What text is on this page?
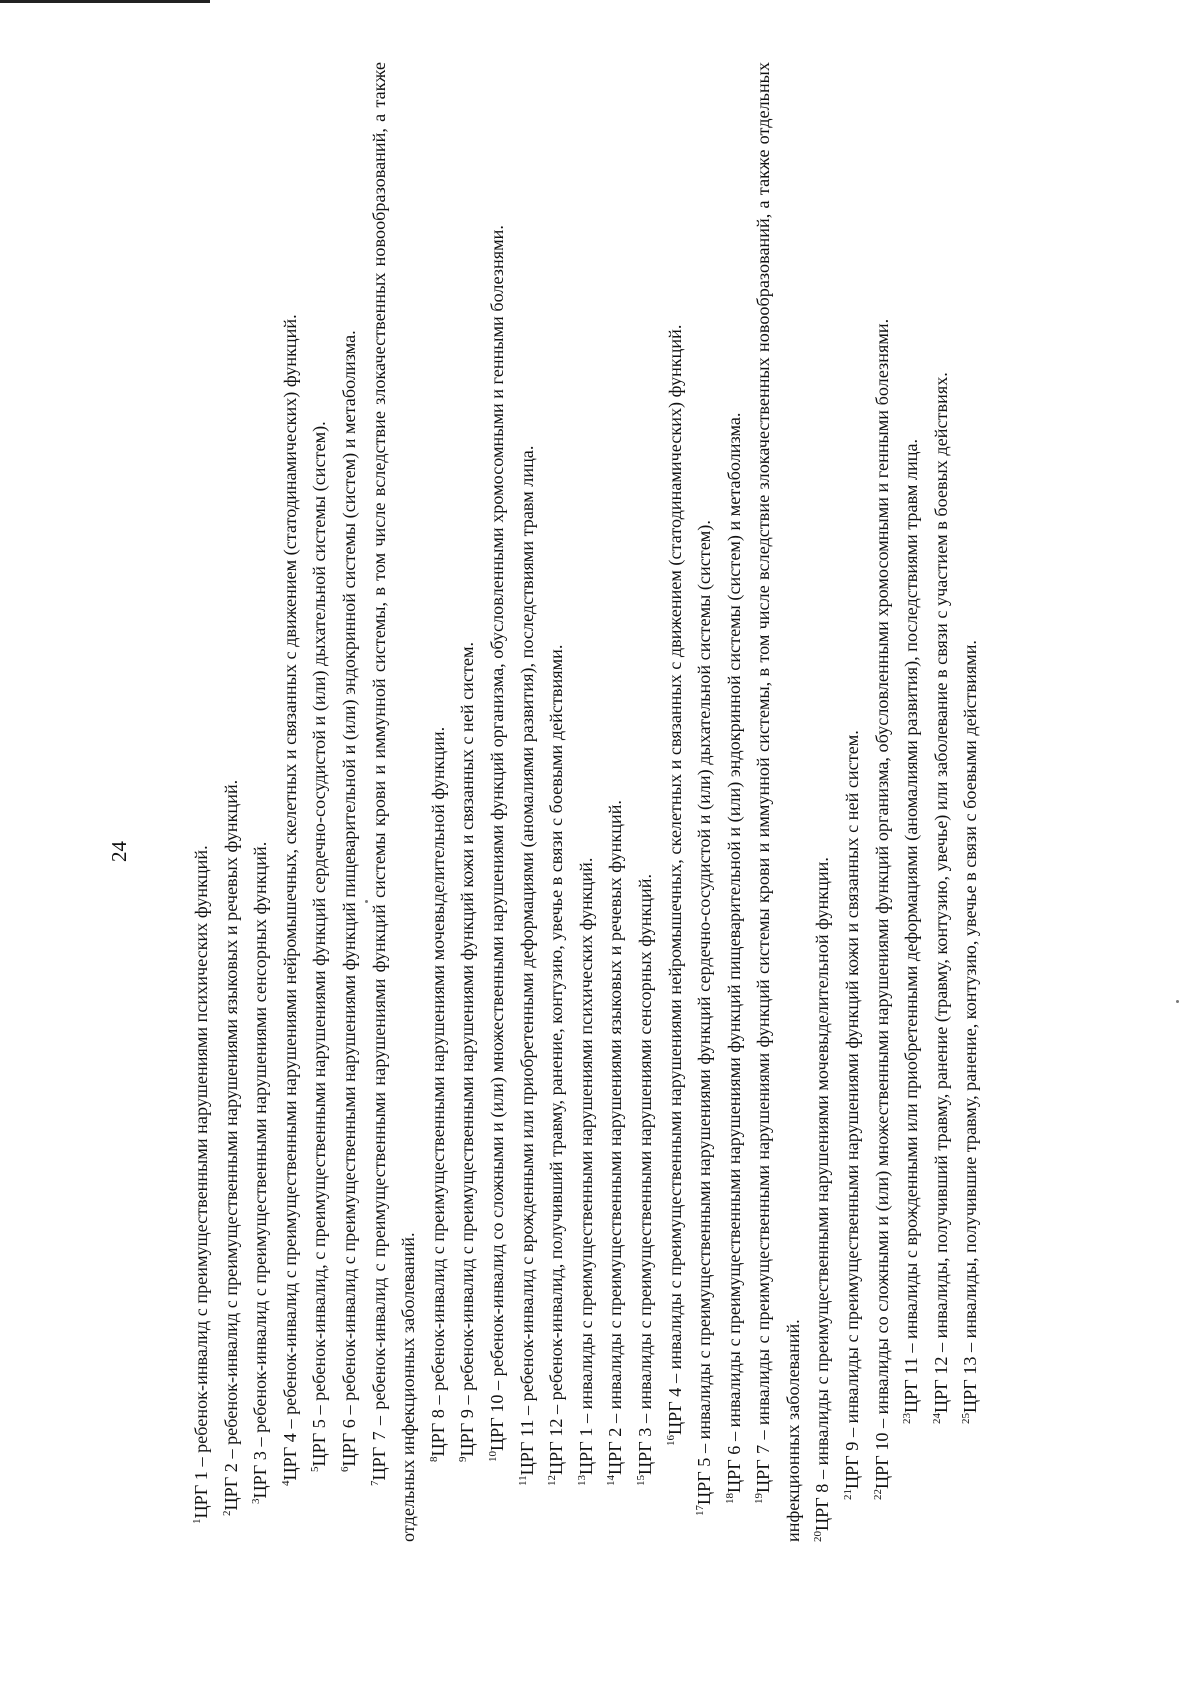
24

$^1$ЦРГ 1 – ребенок-инвалид с преимущественными нарушениями психических функций. $^2$ЦРГ 2 – ребенок-инвалид с преимущественными нарушениями языковых и речевых функций. $^3$ЦРГ 3 – ребенок-инвалид с преимущественными нарушениями сенсорных функций. $^4$ЦРГ 4 – ребенок-инвалид с преимущественными нарушениями нейромышечных, скелетных и связанных с движением (статодинамических) функций. $^5$ЦРГ 5 – ребенок-инвалид, с преимущественными нарушениями функций сердечно-сосудистой и (или) дыхательной системы (систем).

$^6$ЦРГ 6 – ребенок-инвалид с преимущественными нарушениями функций пищеварительной и (или) эндокринной системы (систем) и метаболизма.

$^7$ЦРГ 7 – ребенок-инвалид с преимущественными нарушениями функций системы крови и иммунной системы, в том числе вследствие злокачественных новообразований, а также отдельных инфекционных заболеваний. $^8$ЦРГ 8 – ребенок-инвалид с преимущественными нарушениями мочевыделительной функции.

$^9$ЦРГ 9 – ребенок-инвалид с преимущественными нарушениями функций кожи и связанных с ней систем. $^{10}$ЦРГ 10 – ребенок-инвалид со сложными и (или) множественными нарушениями функций организма, обусловленными хромосомными и генными болезнями.

$^{11}$ЦРГ 11 – ребенок-инвалид с врожденными или приобретенными деформациями (аномалиями развития), последствиями травм лица.

$^{12}$ЦРГ 12 – ребенок-инвалид, получивший травму, ранение, контузию, увечье в связи с боевыми действиями.

$^{13}$ЦРГ 1 – инвалиды с преимущественными нарушениями психических функций.

$^{14}$ЦРГ 2 – инвалиды с преимущественными нарушениями языковых и речевых функций.

$^{15}$ЦРГ 3 – инвалиды с преимущественными нарушениями сенсорных функций. $^{16}$ЦРГ 4 – инвалиды с преимущественными нарушениями нейромышечных, скелетных и связанных с движением (статодинамических) функций.

$^{17}$ЦРГ 5 – инвалиды с преимущественными нарушениями функций сердечно-сосудистой и (или) дыхательной системы (систем). $^{18}$ЦРГ 6 – инвалиды с преимущественными нарушениями функций пищеварительной и (или) эндокринной системы (систем) и метаболизма.

$^{19}$ЦРГ 7 – инвалиды с преимущественными нарушениями функций системы крови и иммунной системы, в том числе вследствие злокачественных новообразований, а также отдельных инфекционных заболеваний. $^{20}$ЦРГ 8 – инвалиды с преимущественными нарушениями мочевыделительной функции. $^{21}$ЦРГ 9 – инвалиды с преимущественными нарушениями функций кожи и связанных с ней систем.

$^{22}$ЦРГ 10 – инвалиды со сложными и (или) множественными нарушениями функций организма, обусловленными хромосомными и генными болезнями. $^{23}$ЦРГ 11 – инвалиды с врожденными или приобретенными деформациями (аномалиями развития), последствиями травм лица.

$^{24}$ЦРГ 12 – инвалиды, получивший травму, ранение (травму, контузию, увечье) или заболевание в связи с участием в боевых действиях.

$^{25}$ЦРГ 13 – инвалиды, получившие травму, ранение, контузию, увечье в связи с боевыми действиями.
